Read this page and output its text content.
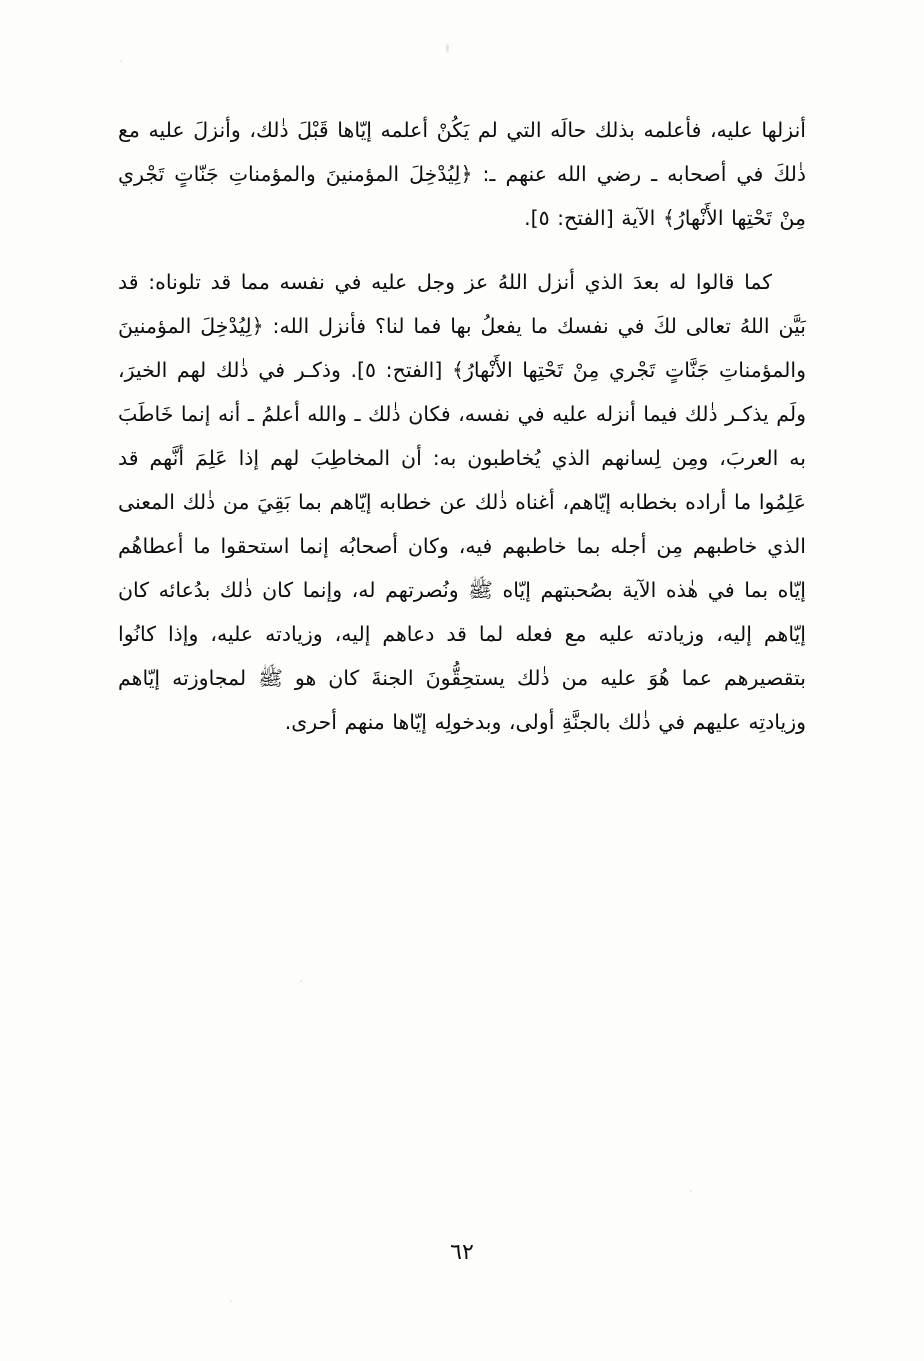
أنزلها عليه، فأعلمه بذلك حالَه التي لم يَكُنْ أعلمه إيّاها قَبْلَ ذٰلك، وأنزلَ عليه مع ذٰلكَ في أصحابه ـ رضي الله عنهم ـ: ﴿لِيُدْخِلَ المؤمنينَ والمؤمناتِ جَنّاتٍ تَجْري مِنْ تَحْتِها الأَنْهارُ﴾ الآية [الفتح: ٥].

كما قالوا له بعدَ الذي أنزل اللهُ عز وجل عليه في نفسه مما قد تلوناه: قد بَيَّن اللهُ تعالى لكَ في نفسك ما يفعلُ بها فما لنا؟ فأنزل الله: ﴿لِيُدْخِلَ المؤمنينَ والمؤمناتِ جَنَّاتٍ تَجْري مِنْ تَحْتِها الأَنْهارُ﴾ [الفتح: ٥]. وذكـر في ذٰلك لهم الخيرَ، ولَم يذكـر ذٰلك فيما أنزله عليه في نفسه، فكان ذٰلك ـ والله أعلمُ ـ أنه إنما خَاطَبَ به العربَ، ومِن لِسانهم الذي يُخاطبون به: أن المخاطِبَ لهم إذا عَلِمَ أنَّهم قد عَلِمُوا ما أراده بخطابه إيّاهم، أغناه ذٰلك عن خطابه إيّاهم بما بَقِيَ من ذٰلك المعنى الذي خاطبهم مِن أجله بما خاطبهم فيه، وكان أصحابُه إنما استحقوا ما أعطاهُم إيّاه بما في هٰذه الآية بصُحبتهم إيّاه ﷺ ونُصرتهم له، وإنما كان ذٰلك بدُعائه كان إيّاهم إليه، وزيادته عليه مع فعله لما قد دعاهم إليه، وزيادته عليه، وإذا كانُوا بتقصيرهم عما هُوَ عليه من ذٰلك يستحِقُّونَ الجنةَ كان هو ﷺ لمجاوزته إيّاهم وزيادتِه عليهم في ذٰلك بالجنَّةِ أولى، وبدخولِه إيّاها منهم أحرى.

٦٢
